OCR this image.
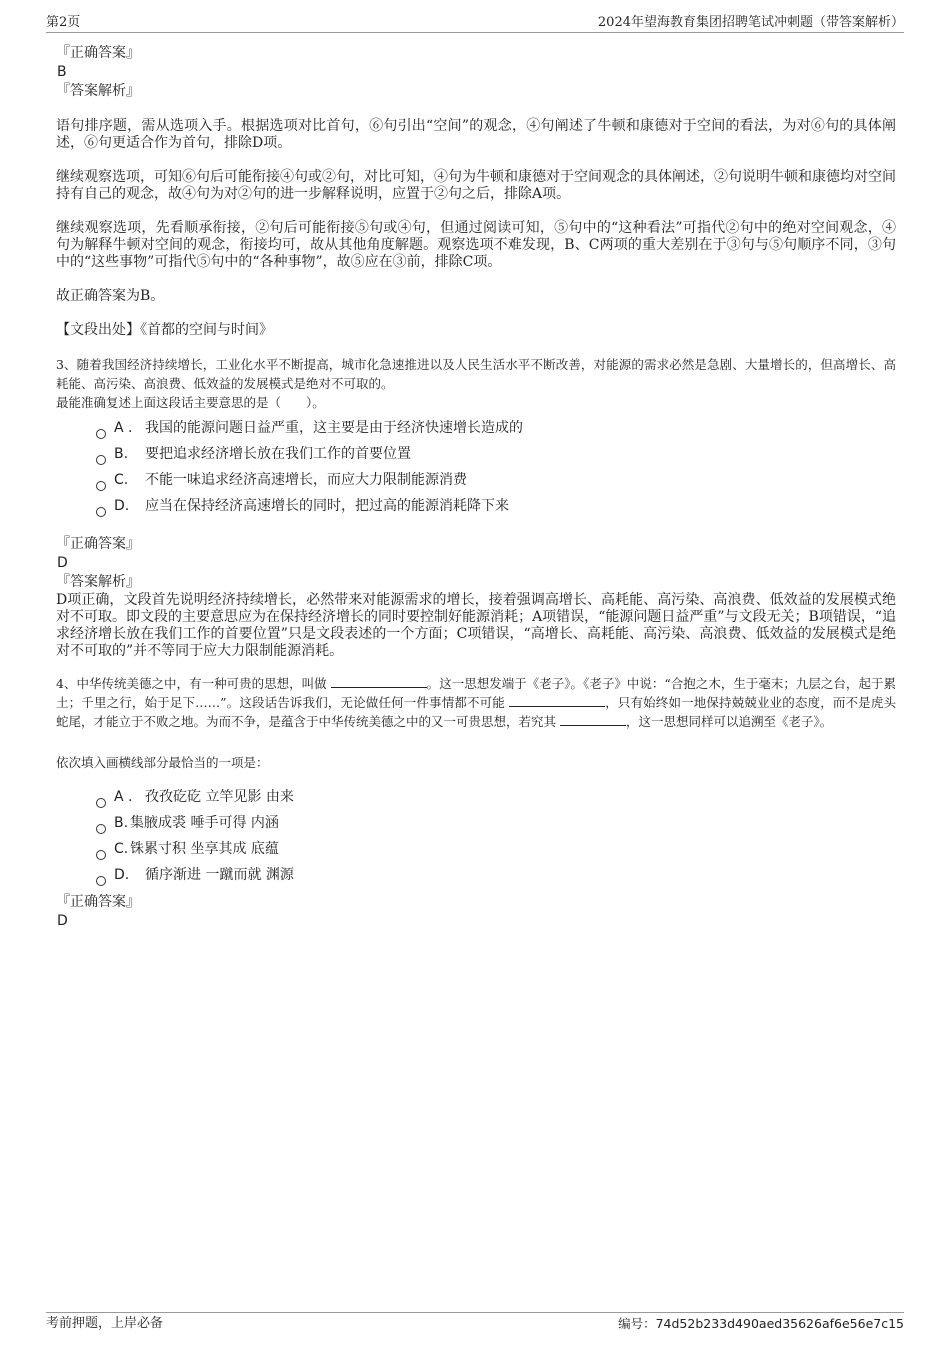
第2页	2024年望海教育集团招聘笔试冲刺题（带答案解析）
『正确答案』
B
『答案解析』
语句排序题，需从选项入手。根据选项对比首句，⑥句引出“空间”的观念，④句阐述了牛顿和康德对于空间的看法，为对⑥句的具体阐述，⑥句更适合作为首句，排除D项。
继续观察选项，可知⑥句后可能衔接④句或②句，对比可知，④句为牛顿和康德对于空间观念的具体阐述，②句说明牛顿和康德均对空间持有自己的观念，故④句为对②句的进一步解释说明，应置于②句之后，排除A项。
继续观察选项，先看顺承衔接，②句后可能衔接⑤句或④句，但通过阅读可知，⑤句中的“这种看法”可指代②句中的绝对空间观念，④句为解释牛顿对空间的观念，衔接均可，故从其他角度解题。观察选项不难发现，B、C两项的重大差别在于③句与⑤句顺序不同，③句中的“这些事物”可指代⑤句中的“各种事物”，故⑤应在③前，排除C项。
故正确答案为B。
【文段出处】《首都的空间与时间》
3、随着我国经济持续增长，工业化水平不断提高，城市化急速推进以及人民生活水平不断改善，对能源的需求必然是急剧、大量增长的，但高增长、高耗能、高污染、高浪费、低效益的发展模式是绝对不可取的。
最能准确复述上面这段话主要意思的是（　　）。
A . 我国的能源问题日益严重，这主要是由于经济快速增长造成的
B. 要把追求经济增长放在我们工作的首要位置
C. 不能一味追求经济高速增长，而应大力限制能源消费
D. 应当在保持经济高速增长的同时，把过高的能源消耗降下来
『正确答案』
D
『答案解析』
D项正确，文段首先说明经济持续增长，必然带来对能源需求的增长，接着强调高增长、高耗能、高污染、高浪费、低效益的发展模式绝对不可取。即文段的主要意思应为在保持经济增长的同时要控制好能源消耗；A项错误，“能源问题日益严重”与文段无关；B项错误，“追求经济增长放在我们工作的首要位置”只是文段表述的一个方面；C项错误，“高增长、高耗能、高污染、高浪费、低效益的发展模式是绝对不可取的”并不等同于应大力限制能源消耗。
4、中华传统美德之中，有一种可贵的思想，叫做	。这一思想发端于《老子》。《老子》中说：“合抱之木，生于毫末；九层之台，起于累土；千里之行，始于足下……”。这段话告诉我们，无论做任何一件事情都不可能	，只有始终如一地保持兢兢业业的态度，而不是虎头蛇尾，才能立于不败之地。为而不争，是蕴含于中华传统美德之中的又一可贵思想，若究其	，这一思想同样可以追溯至《老子》。
依次填入画横线部分最恰当的一项是：
A . 孜孜矻矻 立竿见影 由来
B. 集腋成裘 唾手可得 内涵
C. 铢累寸积 坐享其成 底蕴
D. 循序渐进 一蹴而就 渊源
『正确答案』
D
考前押题，上岸必备	编号：74d52b233d490aed35626af6e56e7c15
